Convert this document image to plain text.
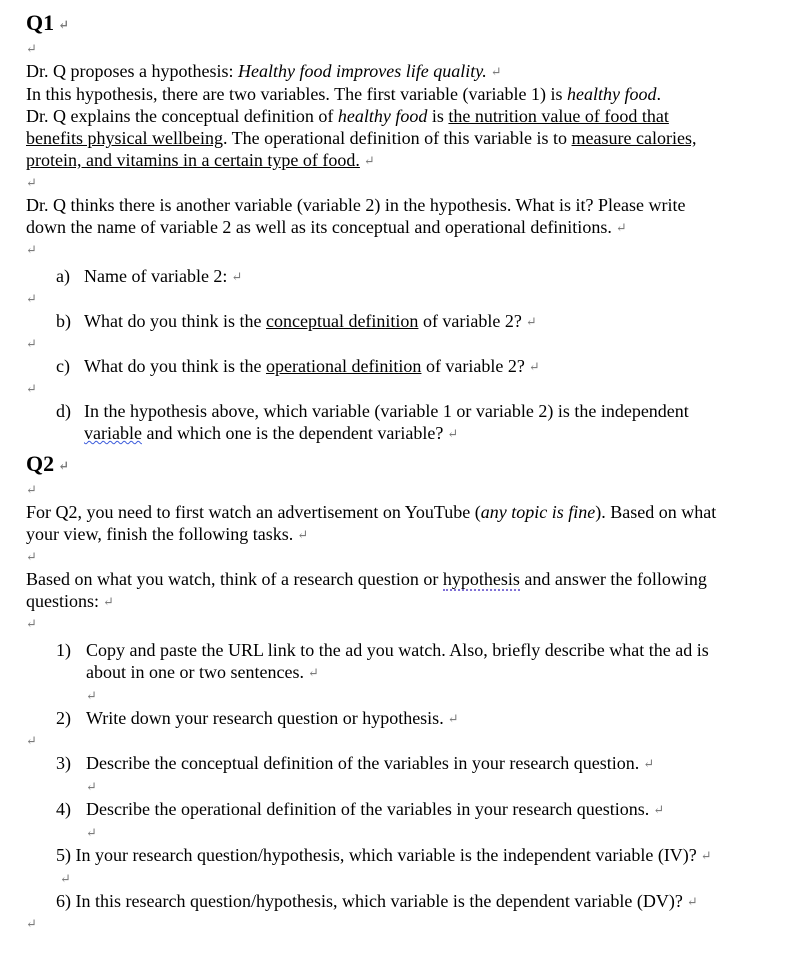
Q1 ↵
↵

Dr. Q proposes a hypothesis: Healthy food improves life quality. ↵
In this hypothesis, there are two variables. The first variable (variable 1) is healthy food.
Dr. Q explains the conceptual definition of healthy food is the nutrition value of food that benefits physical wellbeing. The operational definition of this variable is to measure calories, protein, and vitamins in a certain type of food. ↵

↵

Dr. Q thinks there is another variable (variable 2) in the hypothesis. What is it? Please write down the name of variable 2 as well as its conceptual and operational definitions. ↵

↵
a) Name of variable 2: ↵
↵
b) What do you think is the conceptual definition of variable 2? ↵
↵
c) What do you think is the operational definition of variable 2? ↵
↵
d) In the hypothesis above, which variable (variable 1 or variable 2) is the independent variable and which one is the dependent variable? ↵
Q2 ↵
↵

For Q2, you need to first watch an advertisement on YouTube (any topic is fine). Based on what your view, finish the following tasks. ↵

↵

Based on what you watch, think of a research question or hypothesis and answer the following questions: ↵

↵
1) Copy and paste the URL link to the ad you watch. Also, briefly describe what the ad is about in one or two sentences. ↵
↵
2) Write down your research question or hypothesis. ↵
↵
3) Describe the conceptual definition of the variables in your research question. ↵
↵
4) Describe the operational definition of the variables in your research questions. ↵
↵

5) In your research question/hypothesis, which variable is the independent variable (IV)? ↵
↵

6) In this research question/hypothesis, which variable is the dependent variable (DV)? ↵

↵
